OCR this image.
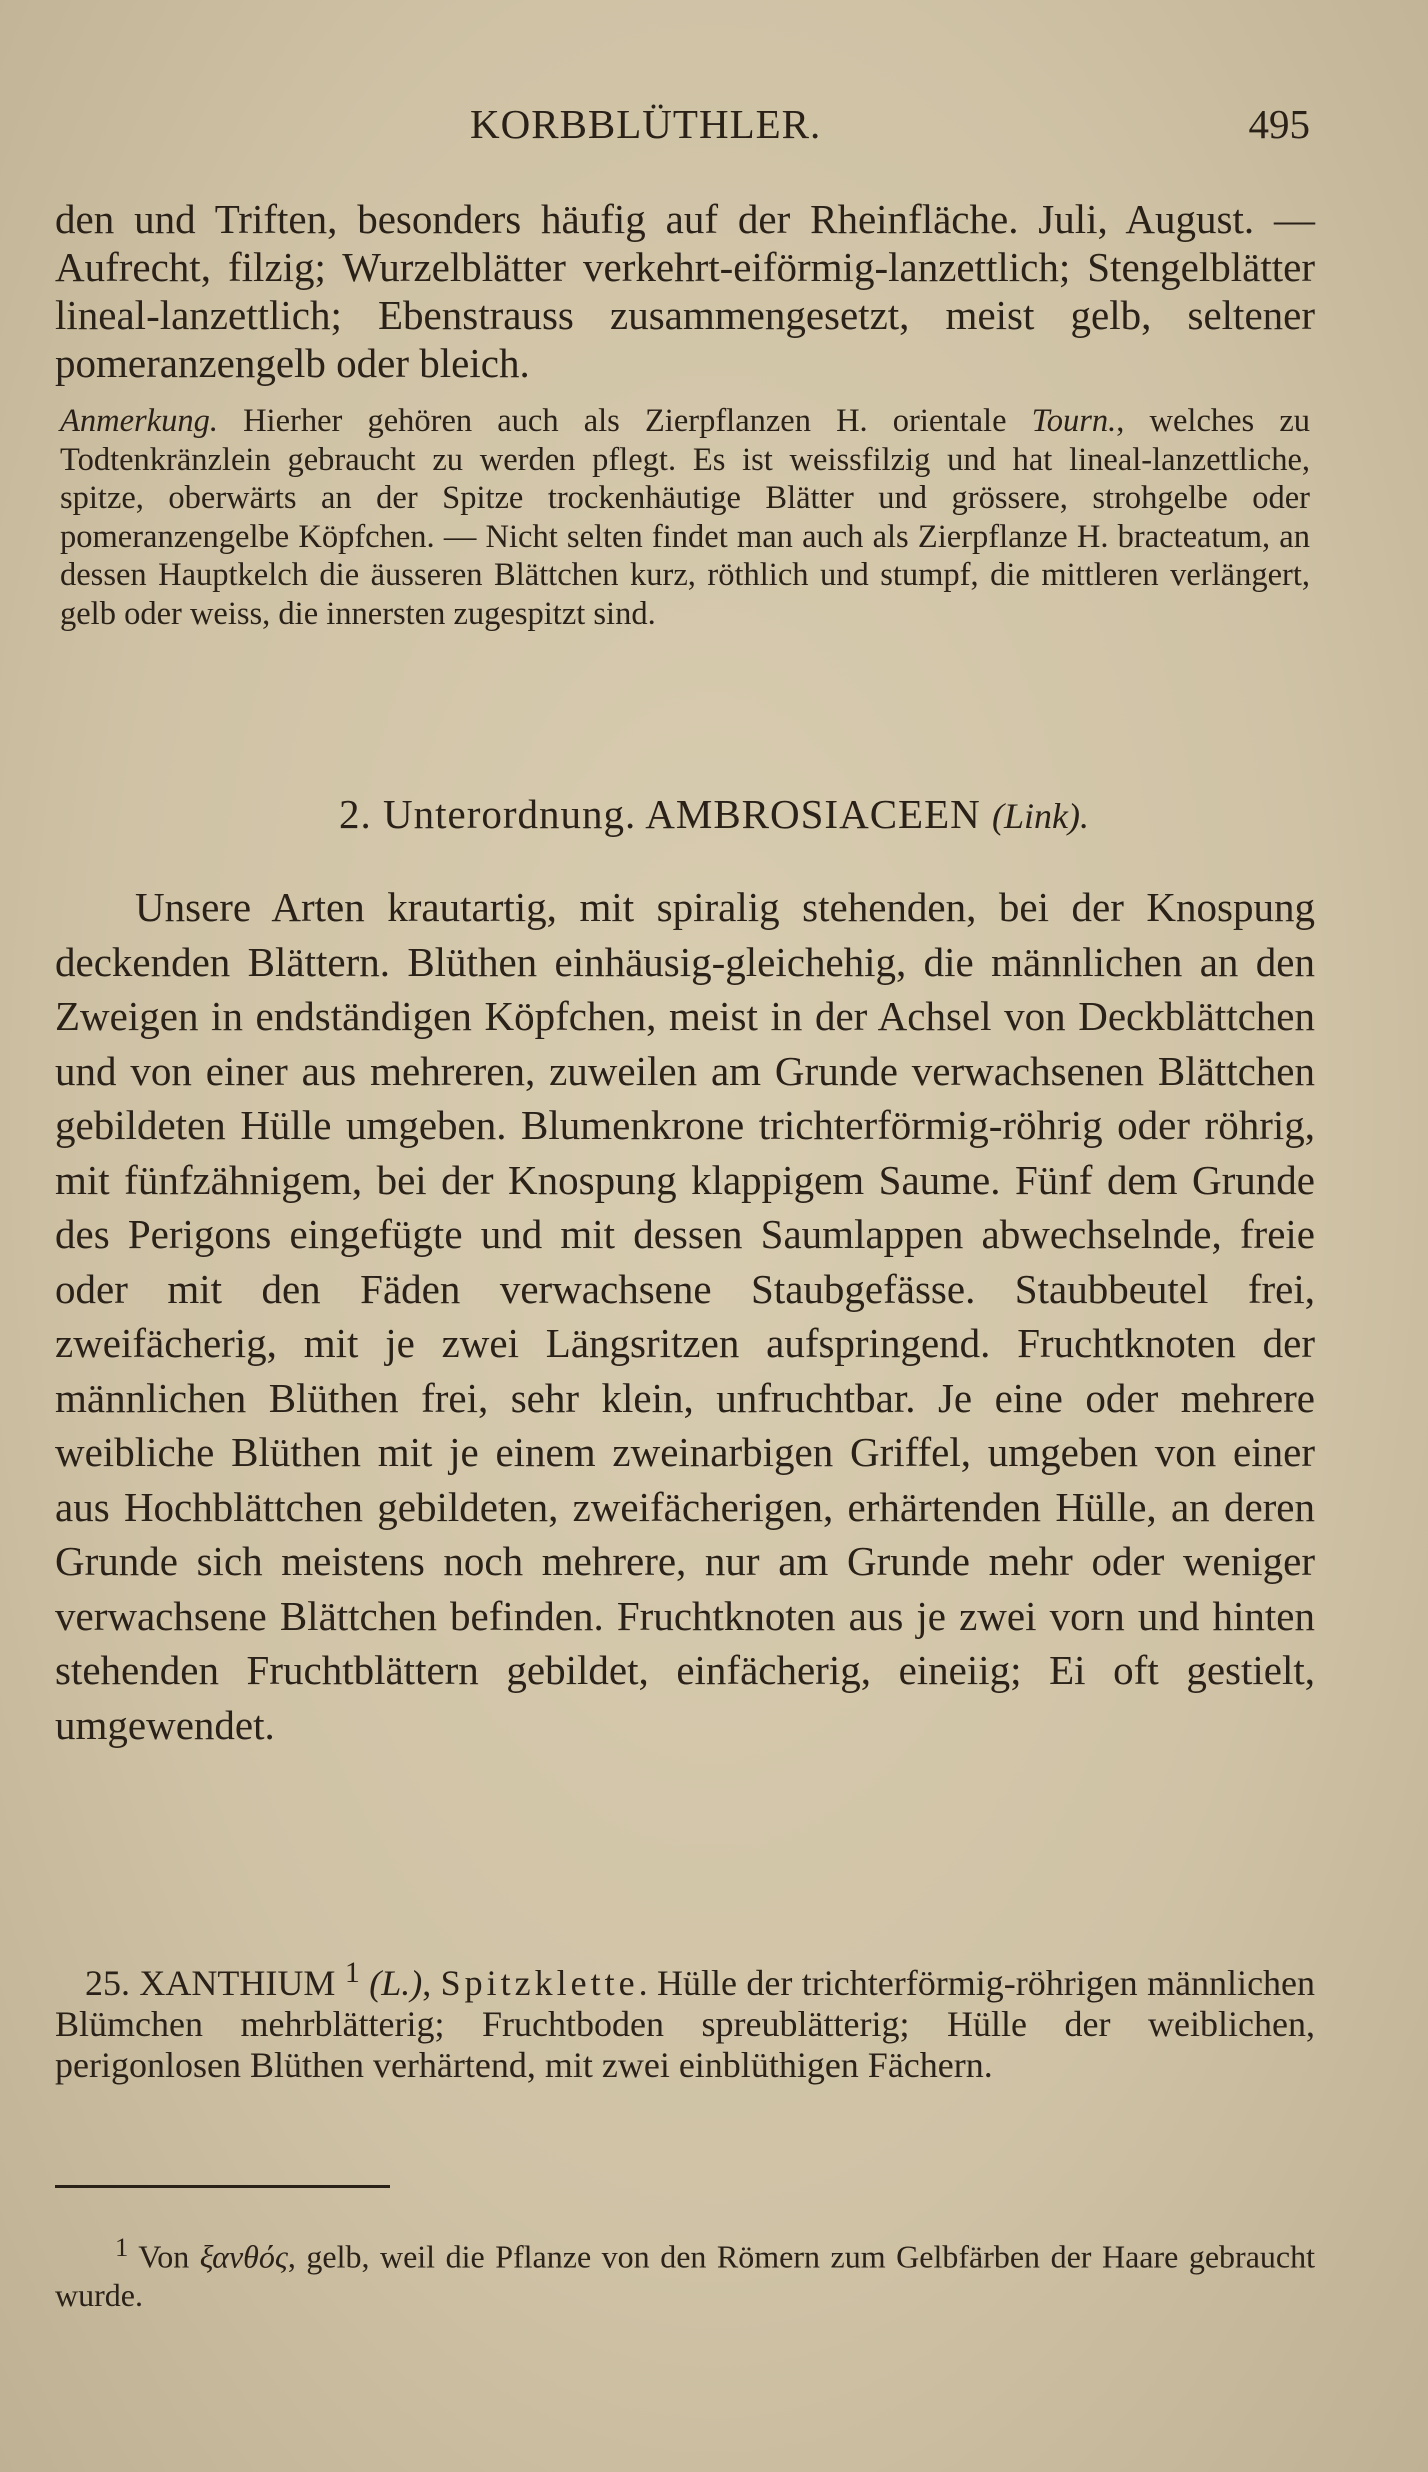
KORBBLÜTHLER.	495

den und Triften, besonders häufig auf der Rheinfläche. Juli, August. — Aufrecht, filzig; Wurzelblätter verkehrt-eiförmig-lanzettlich; Stengelblätter lineal-lanzettlich; Ebenstrauss zusammengesetzt, meist gelb, seltener pomeranzengelb oder bleich.

Anmerkung. Hierher gehören auch als Zierpflanzen H. orientale Tourn., welches zu Todtenkränzlein gebraucht zu werden pflegt. Es ist weissfilzig und hat lineal-lanzettliche, spitze, oberwärts an der Spitze trockenhäutige Blätter und grössere, strohgelbe oder pomeranzengelbe Köpfchen. — Nicht selten findet man auch als Zierpflanze H. bracteatum, an dessen Hauptkelch die äusseren Blättchen kurz, röthlich und stumpf, die mittleren verlängert, gelb oder weiss, die innersten zugespitzt sind.

2. Unterordnung. AMBROSIACEEN (Link).

Unsere Arten krautartig, mit spiralig stehenden, bei der Knospung deckenden Blättern. Blüthen einhäusig-gleichehig, die männlichen an den Zweigen in endständigen Köpfchen, meist in der Achsel von Deckblättchen und von einer aus mehreren, zuweilen am Grunde verwachsenen Blättchen gebildeten Hülle umgeben. Blumenkrone trichterförmig-röhrig oder röhrig, mit fünfzähnigem, bei der Knospung klappigem Saume. Fünf dem Grunde des Perigons eingefügte und mit dessen Saumlappen abwechselnde, freie oder mit den Fäden verwachsene Staubgefässe. Staubbeutel frei, zweifächerig, mit je zwei Längsritzen aufspringend. Fruchtknoten der männlichen Blüthen frei, sehr klein, unfruchtbar. Je eine oder mehrere weibliche Blüthen mit je einem zweinarbigen Griffel, umgeben von einer aus Hochblättchen gebildeten, zweifächerigen, erhärtenden Hülle, an deren Grunde sich meistens noch mehrere, nur am Grunde mehr oder weniger verwachsene Blättchen befinden. Fruchtknoten aus je zwei vorn und hinten stehenden Fruchtblättern gebildet, einfächerig, eineiig; Ei oft gestielt, umgewendet.

25. XANTHIUM $^1$ (L.), Spitzklette. Hülle der trichterförmig-röhrigen männlichen Blümchen mehrblätterig; Fruchtboden spreublätterig; Hülle der weiblichen, perigonlosen Blüthen verhärtend, mit zwei einblüthigen Fächern.

$^1$ Von ξανθός, gelb, weil die Pflanze von den Römern zum Gelbfärben der Haare gebraucht wurde.
